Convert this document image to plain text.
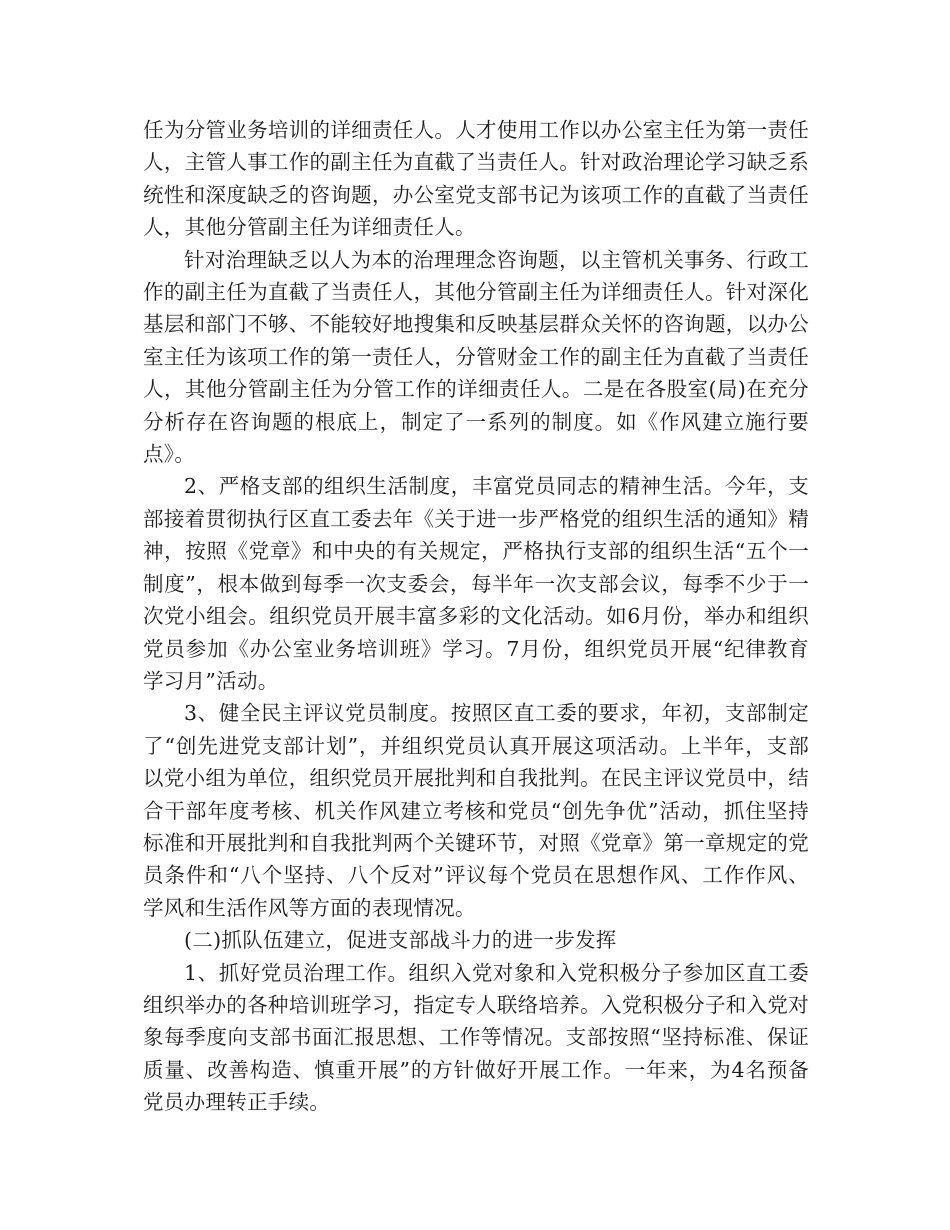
任为分管业务培训的详细责任人。人才使用工作以办公室主任为第一责任人，主管人事工作的副主任为直截了当责任人。针对政治理论学习缺乏系统性和深度缺乏的咨询题，办公室党支部书记为该项工作的直截了当责任人，其他分管副主任为详细责任人。

针对治理缺乏以人为本的治理理念咨询题，以主管机关事务、行政工作的副主任为直截了当责任人，其他分管副主任为详细责任人。针对深化基层和部门不够、不能较好地搜集和反映基层群众关怀的咨询题，以办公室主任为该项工作的第一责任人，分管财金工作的副主任为直截了当责任人，其他分管副主任为分管工作的详细责任人。二是在各股室(局)在充分分析存在咨询题的根底上，制定了一系列的制度。如《作风建立施行要点》。

2、严格支部的组织生活制度，丰富党员同志的精神生活。今年，支部接着贯彻执行区直工委去年《关于进一步严格党的组织生活的通知》精神，按照《党章》和中央的有关规定，严格执行支部的组织生活“五个一制度”，根本做到每季一次支委会，每半年一次支部会议，每季不少于一次党小组会。组织党员开展丰富多彩的文化活动。如6月份，举办和组织党员参加《办公室业务培训班》学习。7月份，组织党员开展“纪律教育学习月”活动。

3、健全民主评议党员制度。按照区直工委的要求，年初，支部制定了“创先进党支部计划”，并组织党员认真开展这项活动。上半年，支部以党小组为单位，组织党员开展批判和自我批判。在民主评议党员中，结合干部年度考核、机关作风建立考核和党员“创先争优”活动，抓住坚持标准和开展批判和自我批判两个关键环节，对照《党章》第一章规定的党员条件和“八个坚持、八个反对”评议每个党员在思想作风、工作作风、学风和生活作风等方面的表现情况。

(二)抓队伍建立，促进支部战斗力的进一步发挥

1、抓好党员治理工作。组织入党对象和入党积极分子参加区直工委组织举办的各种培训班学习，指定专人联络培养。入党积极分子和入党对象每季度向支部书面汇报思想、工作等情况。支部按照“坚持标准、保证质量、改善构造、慎重开展”的方针做好开展工作。一年来，为4名预备党员办理转正手续。
